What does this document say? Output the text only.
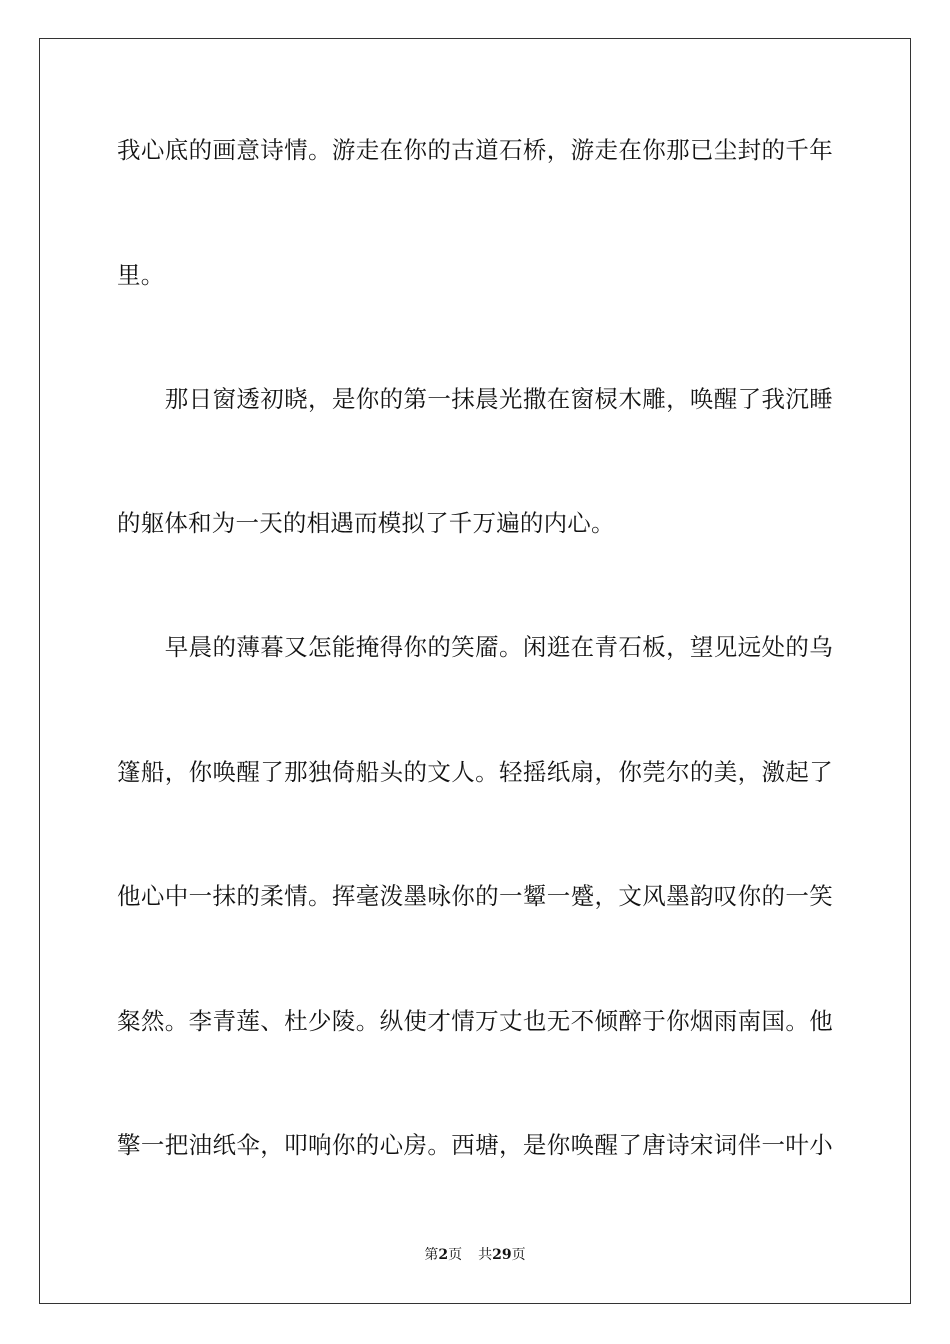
我心底的画意诗情。游走在你的古道石桥，游走在你那已尘封的千年
里。
　　那日窗透初晓，是你的第一抹晨光撒在窗棂木雕，唤醒了我沉睡
的躯体和为一天的相遇而模拟了千万遍的内心。
　　早晨的薄暮又怎能掩得你的笑靥。闲逛在青石板，望见远处的乌
篷船，你唤醒了那独倚船头的文人。轻摇纸扇，你莞尔的美，激起了
他心中一抹的柔情。挥毫泼墨咏你的一颦一蹙，文风墨韵叹你的一笑
粲然。李青莲、杜少陵。纵使才情万丈也无不倾醉于你烟雨南国。他
擎一把油纸伞，叩响你的心房。西塘，是你唤醒了唐诗宋词伴一叶小
第2页 共29页
